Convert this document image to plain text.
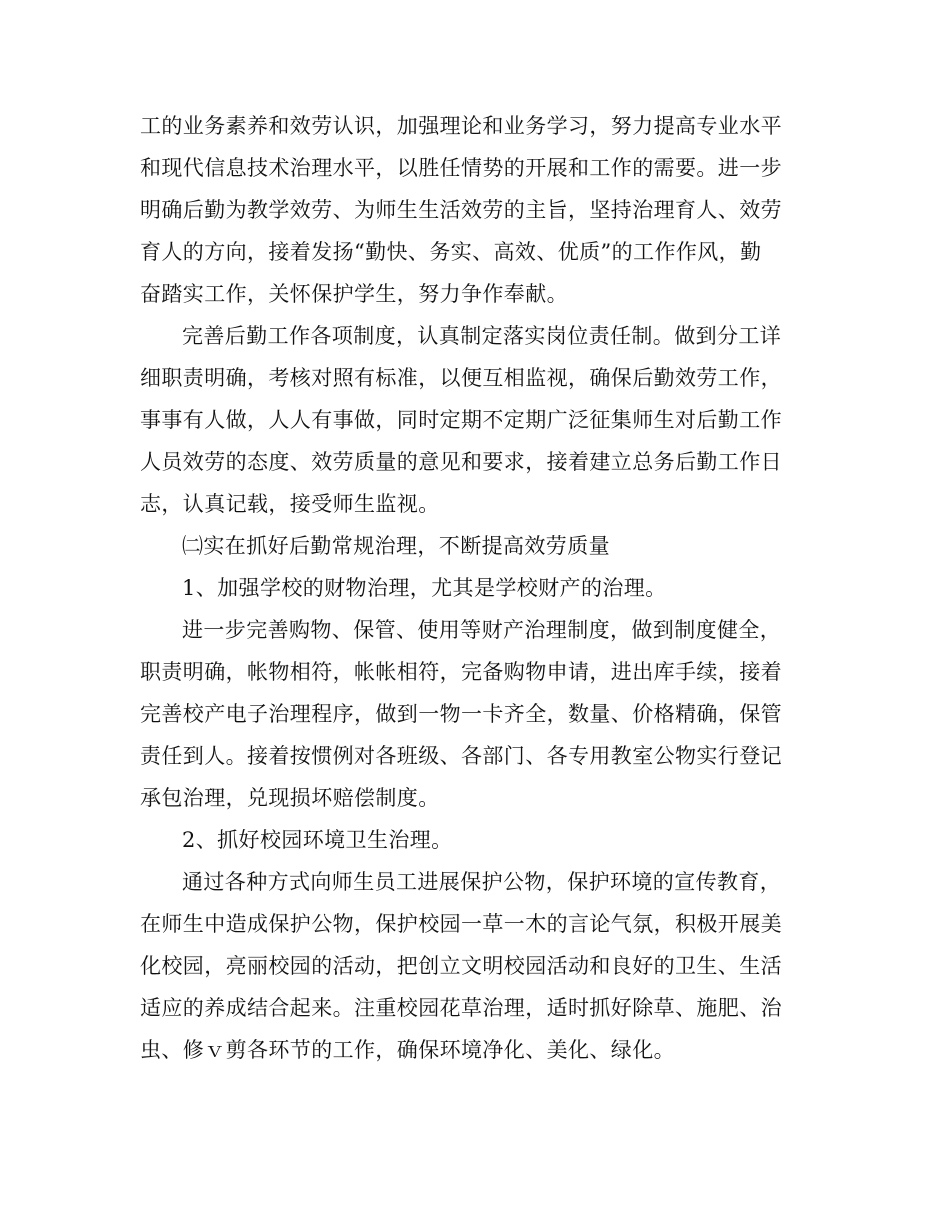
工的业务素养和效劳认识，加强理论和业务学习，努力提高专业水平
和现代信息技术治理水平，以胜任情势的开展和工作的需要。进一步
明确后勤为教学效劳、为师生生活效劳的主旨，坚持治理育人、效劳
育人的方向，接着发扬“勤快、务实、高效、优质”的工作作风，勤
奋踏实工作，关怀保护学生，努力争作奉献。
完善后勤工作各项制度，认真制定落实岗位责任制。做到分工详
细职责明确，考核对照有标准，以便互相监视，确保后勤效劳工作，
事事有人做，人人有事做，同时定期不定期广泛征集师生对后勤工作
人员效劳的态度、效劳质量的意见和要求，接着建立总务后勤工作日
志，认真记载，接受师生监视。
㈡实在抓好后勤常规治理，不断提高效劳质量
1、加强学校的财物治理，尤其是学校财产的治理。
进一步完善购物、保管、使用等财产治理制度，做到制度健全，
职责明确，帐物相符，帐帐相符，完备购物申请，进出库手续，接着
完善校产电子治理程序，做到一物一卡齐全，数量、价格精确，保管
责任到人。接着按惯例对各班级、各部门、各专用教室公物实行登记
承包治理，兑现损坏赔偿制度。
2、抓好校园环境卫生治理。
通过各种方式向师生员工进展保护公物，保护环境的宣传教育，
在师生中造成保护公物，保护校园一草一木的言论气氛，积极开展美
化校园，亮丽校园的活动，把创立文明校园活动和良好的卫生、生活
适应的养成结合起来。注重校园花草治理，适时抓好除草、施肥、治
虫、修ｖ剪各环节的工作，确保环境净化、美化、绿化。
